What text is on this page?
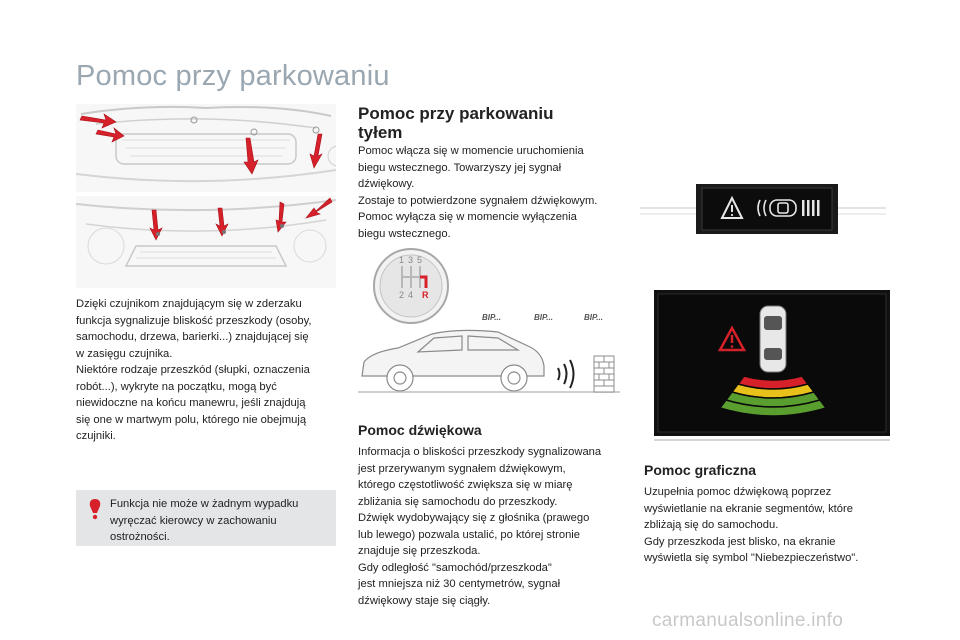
Pomoc przy parkowaniu
Dzięki czujnikom znajdującym się w zderzaku
funkcja sygnalizuje bliskość przeszkody (osoby,
samochodu, drzewa, barierki...) znajdującej się
w zasięgu czujnika.
Niektóre rodzaje przeszkód (słupki, oznaczenia
robót...), wykryte na początku, mogą być
niewidoczne na końcu manewru, jeśli znajdują
się one w martwym polu, którego nie obejmują
czujniki.
Funkcja nie może w żadnym wypadku
wyręczać kierowcy w zachowaniu
ostrożności.
Pomoc przy parkowaniu
tyłem
Pomoc włącza się w momencie uruchomienia
biegu wstecznego. Towarzyszy jej sygnał
dźwiękowy.
Zostaje to potwierdzone sygnałem dźwiękowym.
Pomoc wyłącza się w momencie wyłączenia
biegu wstecznego.
1 3 5
2 4 R
BIP...	BIP...	BIP...
Pomoc dźwiękowa
Informacja o bliskości przeszkody sygnalizowana
jest przerywanym sygnałem dźwiękowym,
którego częstotliwość zwiększa się w miarę
zbliżania się samochodu do przeszkody.
Dźwięk wydobywający się z głośnika (prawego
lub lewego) pozwala ustalić, po której stronie
znajduje się przeszkoda.
Gdy odległość "samochód/przeszkoda"
jest mniejsza niż 30 centymetrów, sygnał
dźwiękowy staje się ciągły.
Pomoc graficzna
Uzupełnia pomoc dźwiękową poprzez
wyświetlanie na ekranie segmentów, które
zbliżają się do samochodu.
Gdy przeszkoda jest blisko, na ekranie
wyświetla się symbol "Niebezpieczeństwo".
carmanualsonline.info
